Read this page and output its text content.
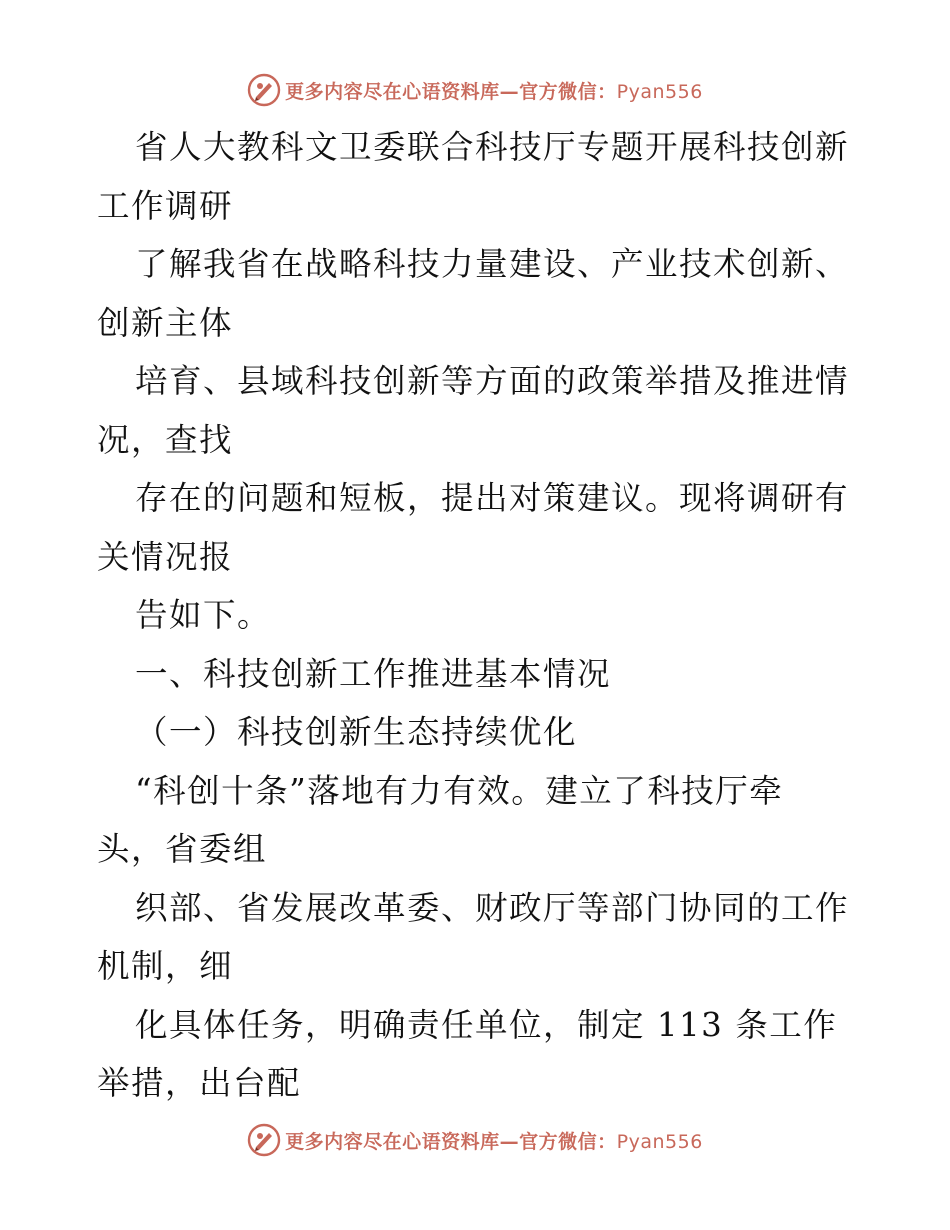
更多内容尽在心语资料库—官方微信：Pyan556
省人大教科文卫委联合科技厅专题开展科技创新
工作调研
了解我省在战略科技力量建设、产业技术创新、
创新主体
培育、县域科技创新等方面的政策举措及推进情
况，查找
存在的问题和短板，提出对策建议。现将调研有
关情况报
告如下。
一、科技创新工作推进基本情况
（一）科技创新生态持续优化
“科创十条”落地有力有效。建立了科技厅牵
头，省委组
织部、省发展改革委、财政厅等部门协同的工作
机制，细
化具体任务，明确责任单位，制定 113 条工作
举措，出台配
更多内容尽在心语资料库—官方微信：Pyan556
